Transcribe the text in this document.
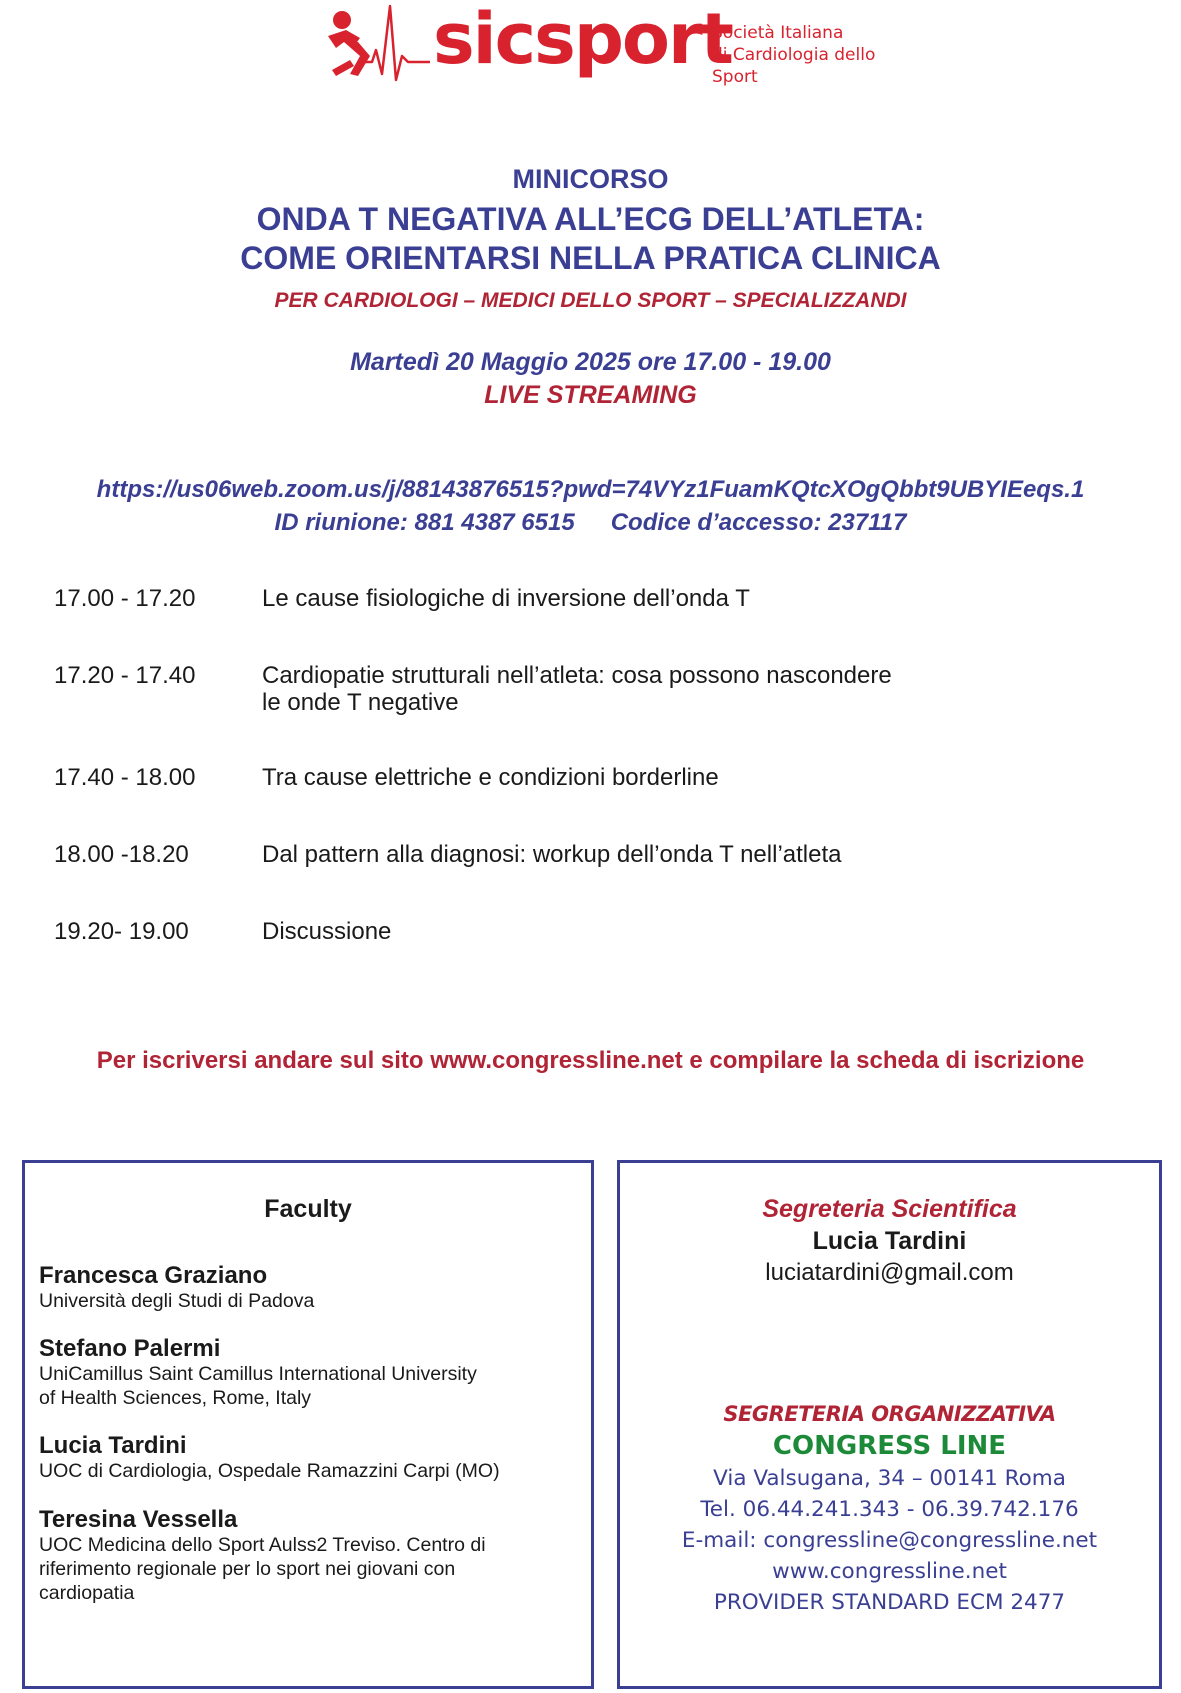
sicsport
Società Italiana
di Cardiologia dello Sport
MINICORSO
ONDA T NEGATIVA ALL’ECG DELL’ATLETA:
COME ORIENTARSI NELLA PRATICA CLINICA
PER CARDIOLOGI – MEDICI DELLO SPORT – SPECIALIZZANDI
Martedì 20 Maggio 2025 ore 17.00 - 19.00
LIVE STREAMING
https://us06web.zoom.us/j/88143876515?pwd=74VYz1FuamKQtcXOgQbbt9UBYIEeqs.1
ID riunione: 881 4387 6515 Codice d’accesso: 237117
17.00 - 17.20	Le cause fisiologiche di inversione dell’onda T
17.20 - 17.40	Cardiopatie strutturali nell’atleta: cosa possono nascondere
le onde T negative
17.40 - 18.00	Tra cause elettriche e condizioni borderline
18.00 -18.20	Dal pattern alla diagnosi: workup dell’onda T nell’atleta
19.20- 19.00	Discussione
Per iscriversi andare sul sito www.congressline.net e compilare la scheda di iscrizione
Faculty
Francesca Graziano
Università degli Studi di Padova
Stefano Palermi
UniCamillus Saint Camillus International University
of Health Sciences, Rome, Italy
Lucia Tardini
UOC di Cardiologia, Ospedale Ramazzini Carpi (MO)
Teresina Vessella
UOC Medicina dello Sport Aulss2 Treviso. Centro di
riferimento regionale per lo sport nei giovani con
cardiopatia
Segreteria Scientifica
Lucia Tardini
luciatardini@gmail.com
SEGRETERIA ORGANIZZATIVA
CONGRESS LINE
Via Valsugana, 34 – 00141 Roma
Tel. 06.44.241.343 - 06.39.742.176
E-mail: congressline@congressline.net
www.congressline.net
PROVIDER STANDARD ECM 2477
